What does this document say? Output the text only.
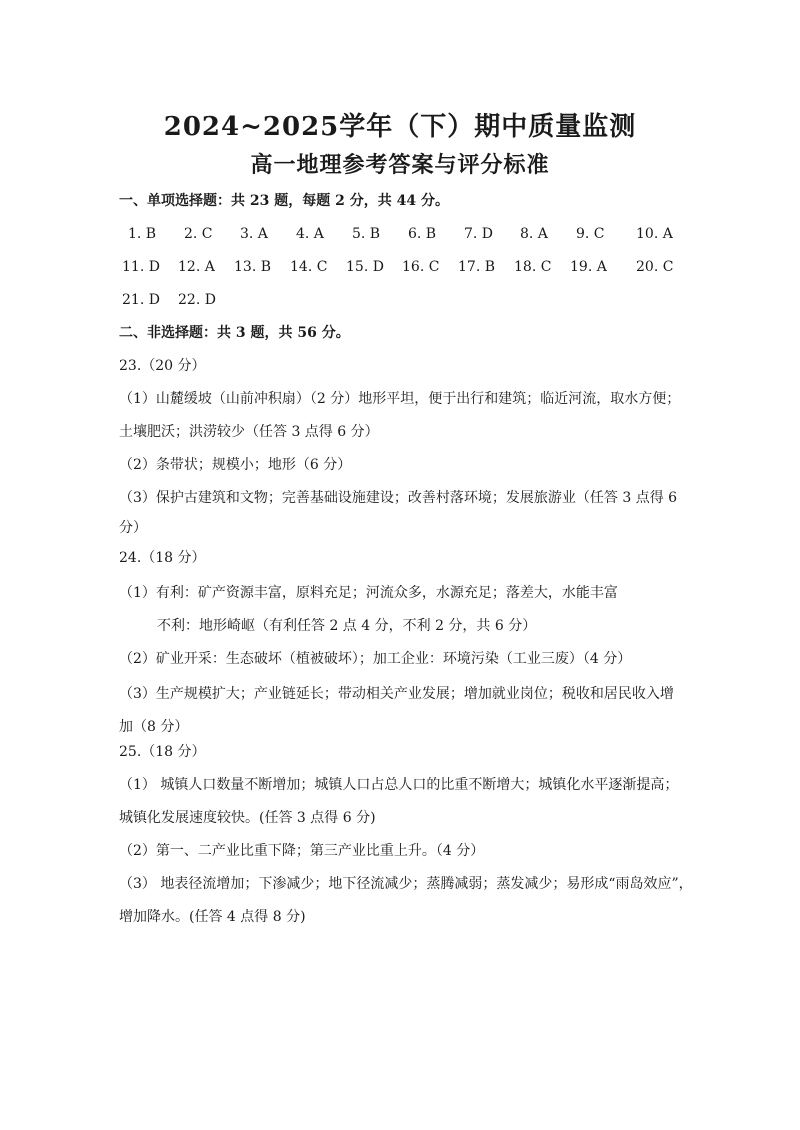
2024~2025学年（下）期中质量监测
高一地理参考答案与评分标准

一、单项选择题：共 23 题，每题 2 分，共 44 分。

1. B 2. C 3. A 4. A 5. B 6. B 7. D 8. A 9. C 10. A
11. D 12. A 13. B 14. C 15. D 16. C 17. B 18. C 19. A 20. C
21. D 22. D

二、非选择题：共 3 题，共 56 分。

23.（20 分）

（1）山麓缓坡（山前冲积扇）（2 分）地形平坦，便于出行和建筑；临近河流，取水方便；

土壤肥沃；洪涝较少（任答 3 点得 6 分）

（2）条带状；规模小；地形（6 分）

（3）保护古建筑和文物；完善基础设施建设；改善村落环境；发展旅游业（任答 3 点得 6

分）

24.（18 分）

（1）有利：矿产资源丰富，原料充足；河流众多，水源充足；落差大，水能丰富

不利：地形崎岖（有利任答 2 点 4 分，不利 2 分，共 6 分）

（2）矿业开采：生态破坏（植被破坏）；加工企业：环境污染（工业三废）（4 分）

（3）生产规模扩大；产业链延长；带动相关产业发展；增加就业岗位；税收和居民收入增

加（8 分）

25.（18 分）

（1） 城镇人口数量不断增加；城镇人口占总人口的比重不断增大；城镇化水平逐渐提高；

城镇化发展速度较快。(任答 3 点得 6 分)

（2）第一、二产业比重下降；第三产业比重上升。（4 分）

（3） 地表径流增加；下渗减少；地下径流减少；蒸腾减弱；蒸发减少；易形成“雨岛效应”，

增加降水。(任答 4 点得 8 分)
